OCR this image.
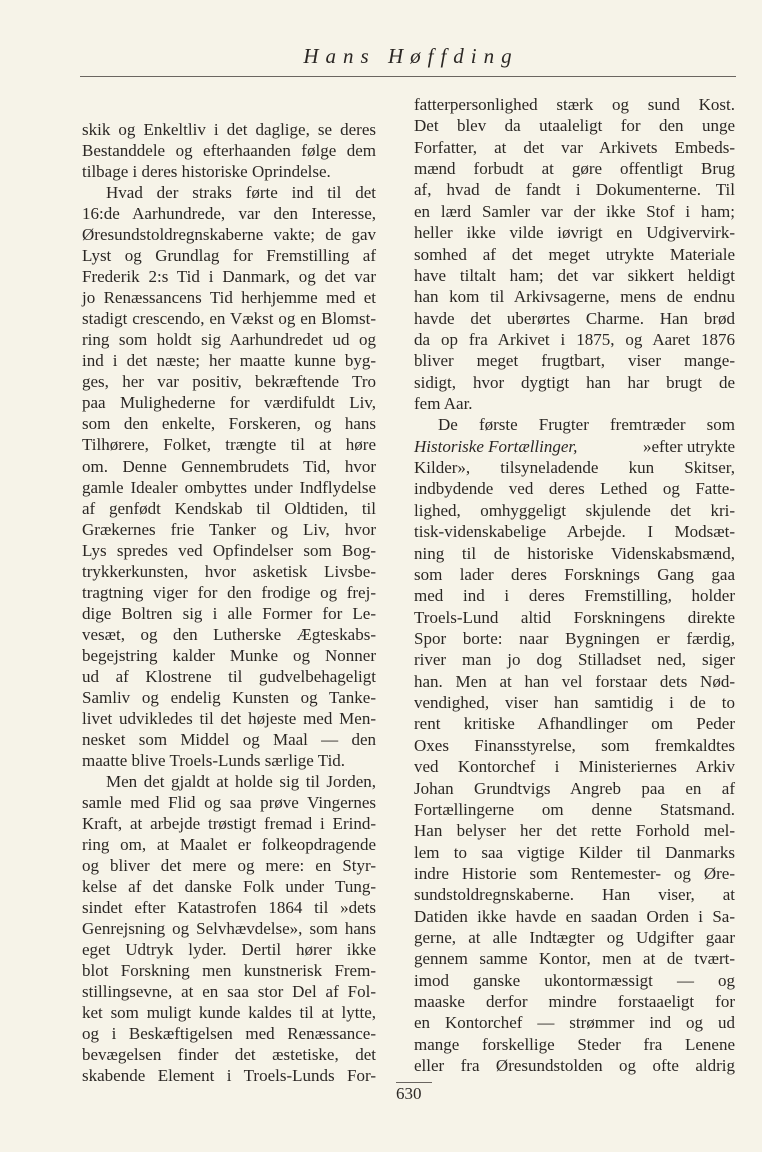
Hans Høffding
skik og Enkeltliv i det daglige, se deres
Bestanddele og efterhaanden følge dem
tilbage i deres historiske Oprindelse.
Hvad der straks førte ind til det
16:de Aarhundrede, var den Interesse,
Øresundstoldregnskaberne vakte; de gav
Lyst og Grundlag for Fremstilling af
Frederik 2:s Tid i Danmark, og det var
jo Renæssancens Tid herhjemme med et
stadigt crescendo, en Vækst og en Blomst-
ring som holdt sig Aarhundredet ud og
ind i det næste; her maatte kunne byg-
ges, her var positiv, bekræftende Tro
paa Mulighederne for værdifuldt Liv,
som den enkelte, Forskeren, og hans
Tilhørere, Folket, trængte til at høre
om. Denne Gennembrudets Tid, hvor
gamle Idealer ombyttes under Indflydelse
af genfødt Kendskab til Oldtiden, til
Grækernes frie Tanker og Liv, hvor
Lys spredes ved Opfindelser som Bog-
trykkerkunsten, hvor asketisk Livsbe-
tragtning viger for den frodige og frej-
dige Boltren sig i alle Former for Le-
vesæt, og den Lutherske Ægteskabs-
begejstring kalder Munke og Nonner
ud af Klostrene til gudvelbehageligt
Samliv og endelig Kunsten og Tanke-
livet udvikledes til det højeste med Men-
nesket som Middel og Maal — den
maatte blive Troels-Lunds særlige Tid.
Men det gjaldt at holde sig til Jorden,
samle med Flid og saa prøve Vingernes
Kraft, at arbejde trøstigt fremad i Erind-
ring om, at Maalet er folkeopdragende
og bliver det mere og mere: en Styr-
kelse af det danske Folk under Tung-
sindet efter Katastrofen 1864 til »dets
Genrejsning og Selvhævdelse», som hans
eget Udtryk lyder. Dertil hører ikke
blot Forskning men kunstnerisk Frem-
stillingsevne, at en saa stor Del af Fol-
ket som muligt kunde kaldes til at lytte,
og i Beskæftigelsen med Renæssance-
bevægelsen finder det æstetiske, det
skabende Element i Troels-Lunds For-
fatterpersonlighed stærk og sund Kost.
Det blev da utaaleligt for den unge
Forfatter, at det var Arkivets Embeds-
mænd forbudt at gøre offentligt Brug
af, hvad de fandt i Dokumenterne. Til
en lærd Samler var der ikke Stof i ham;
heller ikke vilde iøvrigt en Udgivervirk-
somhed af det meget utrykte Materiale
have tiltalt ham; det var sikkert heldigt
han kom til Arkivsagerne, mens de endnu
havde det uberørtes Charme. Han brød
da op fra Arkivet i 1875, og Aaret 1876
bliver meget frugtbart, viser mange-
sidigt, hvor dygtigt han har brugt de
fem Aar.
De første Frugter fremtræder som
Historiske Fortællinger,	»efter utrykte
Kilder», tilsyneladende kun Skitser,
indbydende ved deres Lethed og Fatte-
lighed, omhyggeligt skjulende det kri-
tisk-videnskabelige Arbejde. I Modsæt-
ning til de historiske Videnskabsmænd,
som lader deres Forsknings Gang gaa
med ind i deres Fremstilling, holder
Troels-Lund altid Forskningens direkte
Spor borte: naar Bygningen er færdig,
river man jo dog Stilladset ned, siger
han. Men at han vel forstaar dets Nød-
vendighed, viser han samtidig i de to
rent kritiske Afhandlinger om Peder
Oxes Finansstyrelse, som fremkaldtes
ved Kontorchef i Ministeriernes Arkiv
Johan Grundtvigs Angreb paa en af
Fortællingerne om denne Statsmand.
Han belyser her det rette Forhold mel-
lem to saa vigtige Kilder til Danmarks
indre Historie som Rentemester- og Øre-
sundstoldregnskaberne. Han viser, at
Datiden ikke havde en saadan Orden i Sa-
gerne, at alle Indtægter og Udgifter gaar
gennem samme Kontor, men at de tvært-
imod ganske ukontormæssigt — og
maaske derfor mindre forstaaeligt for
en Kontorchef — strømmer ind og ud
mange forskellige Steder fra Lenene
eller fra Øresundstolden og ofte aldrig
630
